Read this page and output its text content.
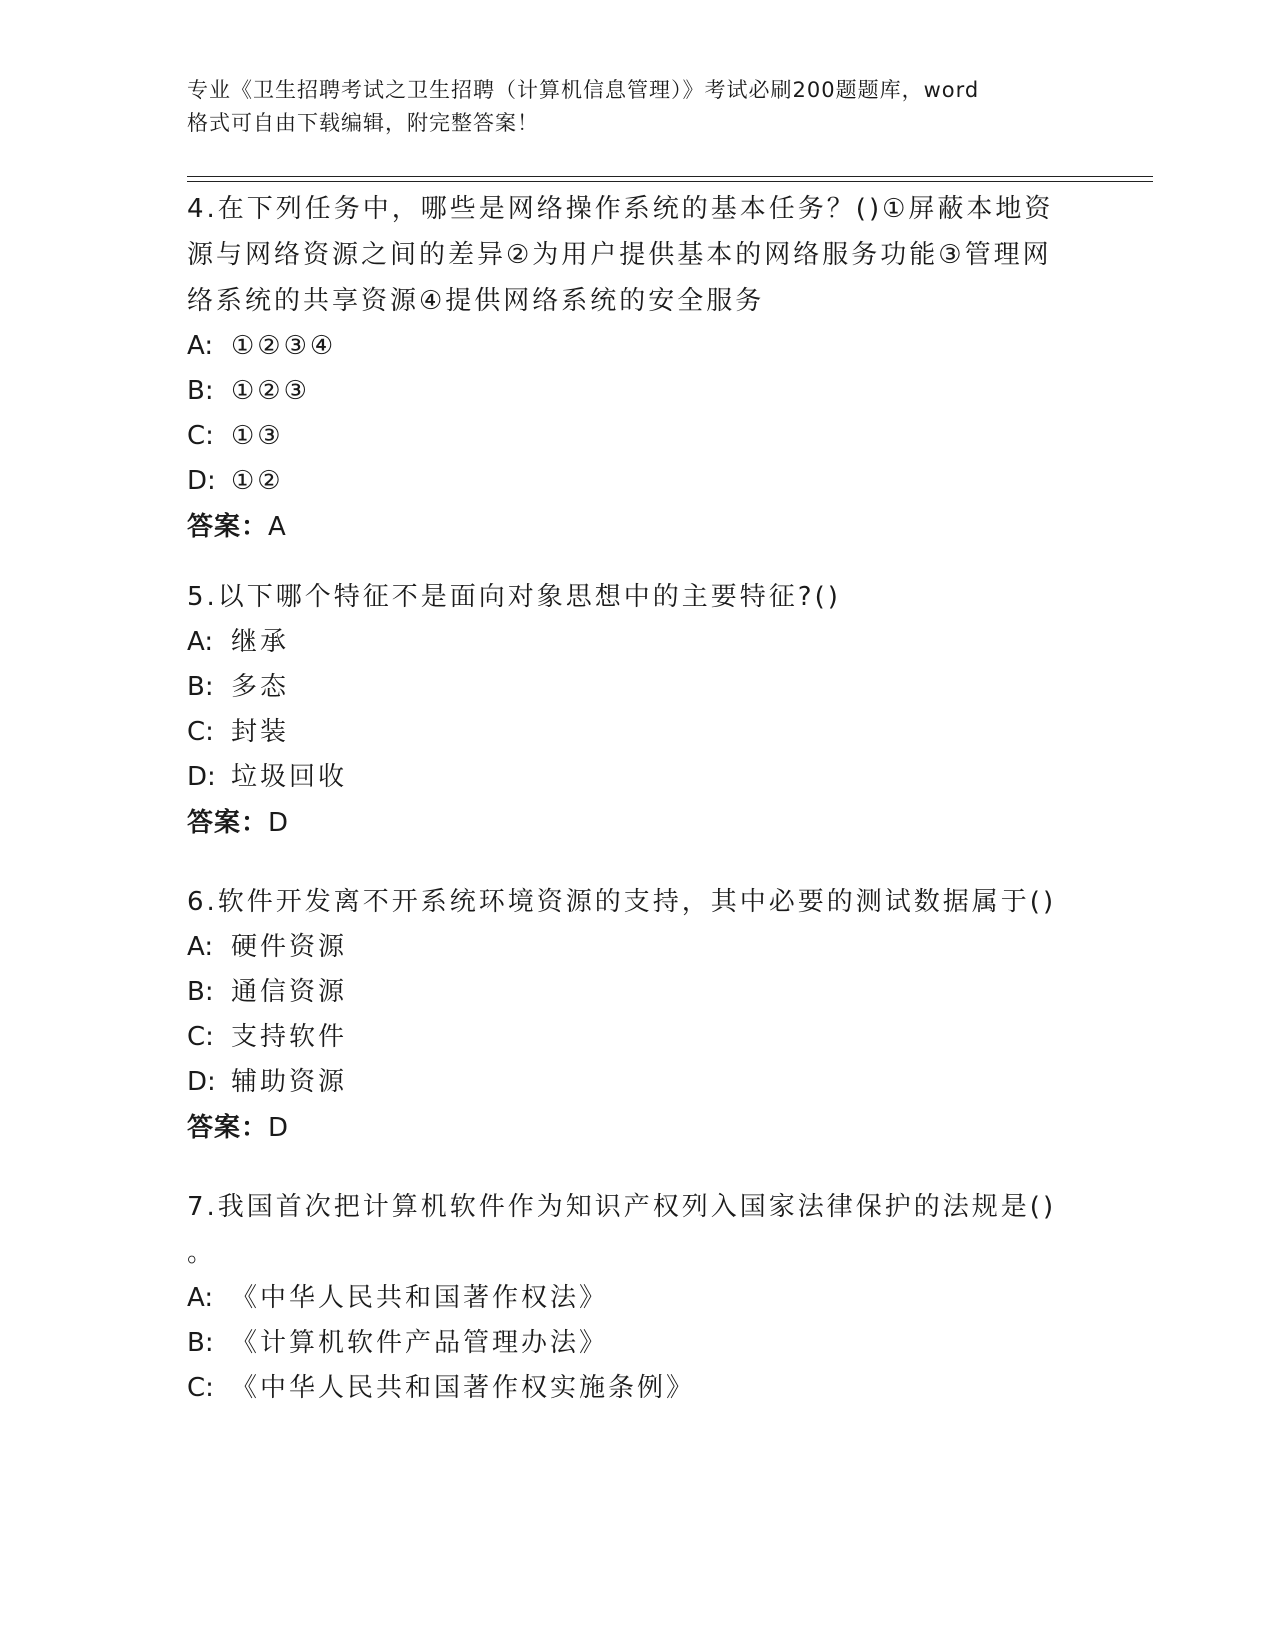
专业《卫生招聘考试之卫生招聘（计算机信息管理）》考试必刷200题题库，word
格式可自由下载编辑，附完整答案！

4.在下列任务中，哪些是网络操作系统的基本任务？()①屏蔽本地资

源与网络资源之间的差异②为用户提供基本的网络服务功能③管理网

络系统的共享资源④提供网络系统的安全服务

A: ①②③④

B: ①②③

C: ①③

D: ①②

答案：A

5.以下哪个特征不是面向对象思想中的主要特征?()

A: 继承

B: 多态

C: 封装

D: 垃圾回收

答案：D

6.软件开发离不开系统环境资源的支持，其中必要的测试数据属于()

A: 硬件资源

B: 通信资源

C: 支持软件

D: 辅助资源

答案：D

7.我国首次把计算机软件作为知识产权列入国家法律保护的法规是()

。

A: 《中华人民共和国著作权法》

B: 《计算机软件产品管理办法》

C: 《中华人民共和国著作权实施条例》
